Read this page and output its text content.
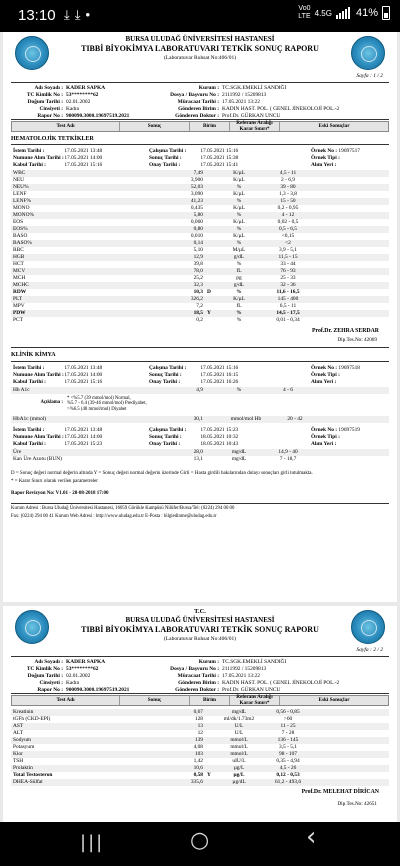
13:10 ⤓⤓•	Vo0
LTE 4.5G 41%
BURSA ULUDAĞ ÜNİVERSİTESİ HASTANESİ
TIBBİ BİYOKİMYA LABORATUVARI TETKİK SONUÇ RAPORU
(Laboratuvar Ruhsat No:406/01)
Sayfa : 1 / 2
Adı Soyadı : KADER SAPKA
TC Kimlik No : 53********62
Doğum Tarihi : 02.01.2002
Cinsiyeti : Kadın
Rapor No : 900090.3000.19697519.2021
Kurum : TC.SGK.EMEKLİ SANDIĞI
Dosya / Başvuru No : 2111992 / 15209813
Müracaat Tarihi : 17.05.2021 13:22
Gönderen Birim : KADIN HAST. POL. ( GENEL JİNEKOLOJİ POL.-2
Gönderen Doktor : Prof.Dr. GÜRKAN UNCU
Test Adı	Sonuç	Birim	Referans Aralığı
Karar Sınırı*	Eski Sonuçlar
HEMATOLOJİK TETKİKLER
İstem Tarihi :	17.05.2021 13:48
Numune Alım Tarihi : 17.05.2021 14:00
Kabul Tarihi :	17.05.2021 15:16
Çalışma Tarihi :	17.05.2021 15:16
Sonuç Tarihi :	17.05.2021 15:38
Onay Tarihi :	17.05.2021 15:41
Örnek No : 19697517
Örnek Tipi :
Alım Yeri :
WBC	7,49	K/µL	4,5 - 11
NEU	3,900	K/µL	2 - 6,9
NEU%	52,03	%	39 - 80
LENF	3,090	K/µL	1,3 - 3,8
LENF%	41,23	%	15 - 50
MONO	0,435	K/µL	0,2 - 0,95
MONO%	5,80	%	4 - 12
EOS	0,060	K/µL	0,02 - 0,5
EOS%	0,80	%	0,5 - 6,5
BASO	0,010	K/µL	<0,15
BASO%	0,14	%	<2
RBC	5,10	M/µL	3,9 - 5,1
HGB	12,9	g/dL	11,5 - 15
HCT	39,8	%	33 - 44
MCV	78,0	fL	76 - 93
MCH	25,2	pg	25 - 33
MCHC	32,3	g/dL	32 - 36
RDW	10,3 D	%	11,6 - 16,5
PLT	326,2	K/µL	145 - 400
MPV	7,2	fL	6,5 - 11
PDW	18,5 Y	%	14,5 - 17,5
PCT	0,2	%	0,01 - 0,34
Prof.Dr. ZEHRA SERDAR
Dip.Tes.No: 42069
KLİNİK KİMYA
İstem Tarihi :	17.05.2021 13:48
Numune Alım Tarihi : 17.05.2021 14:00
Kabul Tarihi :	17.05.2021 15:16
Çalışma Tarihi :	17.05.2021 15:16
Sonuç Tarihi :	17.05.2021 16:15
Onay Tarihi :	17.05.2021 16:26
Örnek No : 19697518
Örnek Tipi :
Alım Yeri :
Hb A1c	4,9	%	4 - 6
Açıklama :
* <%5.7 (39 mmol/mol) Normal,
%5.7 - 6.4 (39-46 mmol/mol) Prediyabet,
>%6.5 (48 mmol/mol) Diyabet
HbA1c (mmol)	30,1	mmol/mol Hb	20 - 42
İstem Tarihi :	17.05.2021 13:48
Numune Alım Tarihi : 17.05.2021 14:00
Kabul Tarihi :	17.05.2021 15:23
Çalışma Tarihi :	17.05.2021 15:23
Sonuç Tarihi :	18.05.2021 10:32
Onay Tarihi :	18.05.2021 10:43
Örnek No : 19697519
Örnek Tipi :
Alım Yeri :
Üre	28,0	mg/dL	14,9 - 40
Kan Üre Azotu (BUN)	13,1	mg/dL	7 - 18,7
D = Sonuç değeri normal değerin altında Y = Sonuç değeri normal değerin üzerinde Girli = Hasta girdili bakılarından dolayı sonuçları girli tutulmakta.
* = Karar Sınırı olarak verilen parametreler
Rapor Revizyon No: V1.01 - 28-08-2018 17:00
Kurum Adresi : Bursa Uludağ Üniversitesi Hastanesi, 16059 Görükle Kampüsü Nilüfer/Bursa/Tel: (0224) 294 00 00
Fax: (0224) 294 00 41 Kurum Web Adresi : http://www.uludag.edu.tr E-Posta : bilgiedinme@uludag.edu.tr
T.C.
BURSA ULUDAĞ ÜNİVERSİTESİ HASTANESİ
TIBBİ BİYOKİMYA LABORATUVARI TETKİK SONUÇ RAPORU
(Laboratuvar Ruhsat No:406/01)
Sayfa : 2 / 2
Adı Soyadı : KADER SAPKA
TC Kimlik No : 53********62
Doğum Tarihi : 02.01.2002
Cinsiyeti : Kadın
Rapor No : 900090.3000.19697519.2021
Kurum : TC.SGK.EMEKLİ SANDIĞI
Dosya / Başvuru No : 2111992 / 15209813
Müracaat Tarihi : 17.05.2021 13:22
Gönderen Birim : KADIN HAST. POL. ( GENEL JİNEKOLOJİ POL.-2
Gönderen Doktor : Prof.Dr. GÜRKAN UNCU
Test Adı	Sonuç	Birim	Referans Aralığı
Karar Sınırı*	Eski Sonuçlar
Kreatinin	0,67	mg/dL	0,56 - 0,85
tGFh (CKD-EPI)	128	ml/dk/1.73m2	>60
AST	13	U/L	11 - 25
ALT	12	U/L	7 - 28
Sodyum	139	mmol/L	136 - 145
Potasyum	4,08	mmol/L	3,5 - 5,1
Klor	103	mmol/L	98 - 107
TSH	1,42	uIU/L	0,35 - 4,94
Prolaktin	10,6	µg/L	4,5 - 26
Total Testosteron	0,58 Y	µg/L	0,12 - 0,53
DHEA-Sülfat	335,6	µg/dL	61,2 - 493,6
Prof.Dr. MELEHAT DİRİCAN
Dip.Tes.No: 42651
|||	○	‹
